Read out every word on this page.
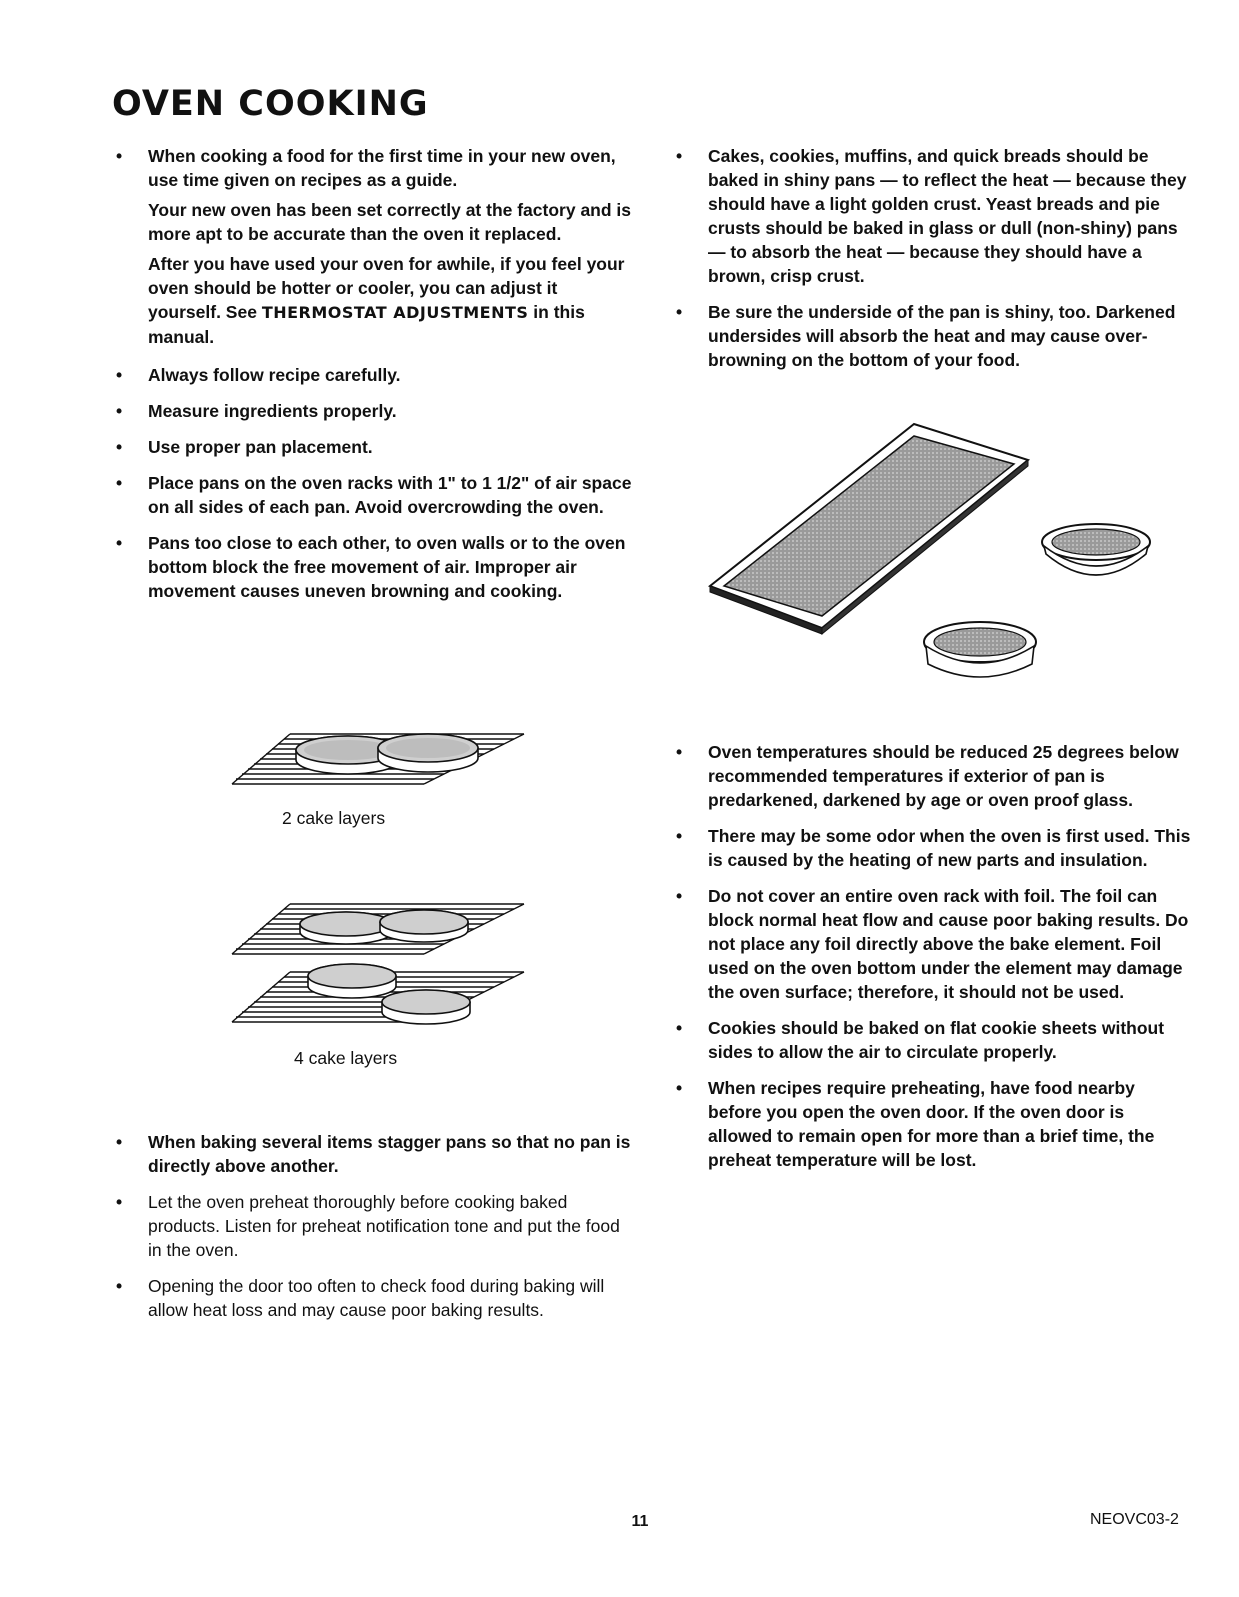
OVEN COOKING
• When cooking a food for the first time in your new oven, use time given on recipes as a guide.

Your new oven has been set correctly at the factory and is more apt to be accurate than the oven it replaced.

After you have used your oven for awhile, if you feel your oven should be hotter or cooler, you can adjust it yourself. See THERMOSTAT ADJUSTMENTS in this manual.

• Always follow recipe carefully.

• Measure ingredients properly.

• Use proper pan placement.

• Place pans on the oven racks with 1" to 1 1/2" of air space on all sides of each pan. Avoid overcrowding the oven.

• Pans too close to each other, to oven walls or to the oven bottom block the free movement of air. Improper air movement causes uneven browning and cooking.

2 cake layers
4 cake layers
• When baking several items stagger pans so that no pan is directly above another.

• Let the oven preheat thoroughly before cooking baked products. Listen for preheat notification tone and put the food in the oven.

• Opening the door too often to check food during baking will allow heat loss and may cause poor baking results.

• Cakes, cookies, muffins, and quick breads should be baked in shiny pans — to reflect the heat — because they should have a light golden crust. Yeast breads and pie crusts should be baked in glass or dull (non-shiny) pans — to absorb the heat — because they should have a brown, crisp crust.

• Be sure the underside of the pan is shiny, too. Darkened undersides will absorb the heat and may cause over-browning on the bottom of your food.

• Oven temperatures should be reduced 25 degrees below recommended temperatures if exterior of pan is predarkened, darkened by age or oven proof glass.

• There may be some odor when the oven is first used. This is caused by the heating of new parts and insulation.

• Do not cover an entire oven rack with foil. The foil can block normal heat flow and cause poor baking results. Do not place any foil directly above the bake element. Foil used on the oven bottom under the element may damage the oven surface; therefore, it should not be used.

• Cookies should be baked on flat cookie sheets without sides to allow the air to circulate properly.

• When recipes require preheating, have food nearby before you open the oven door. If the oven door is allowed to remain open for more than a brief time, the preheat temperature will be lost.

11	NEOVC03-2
